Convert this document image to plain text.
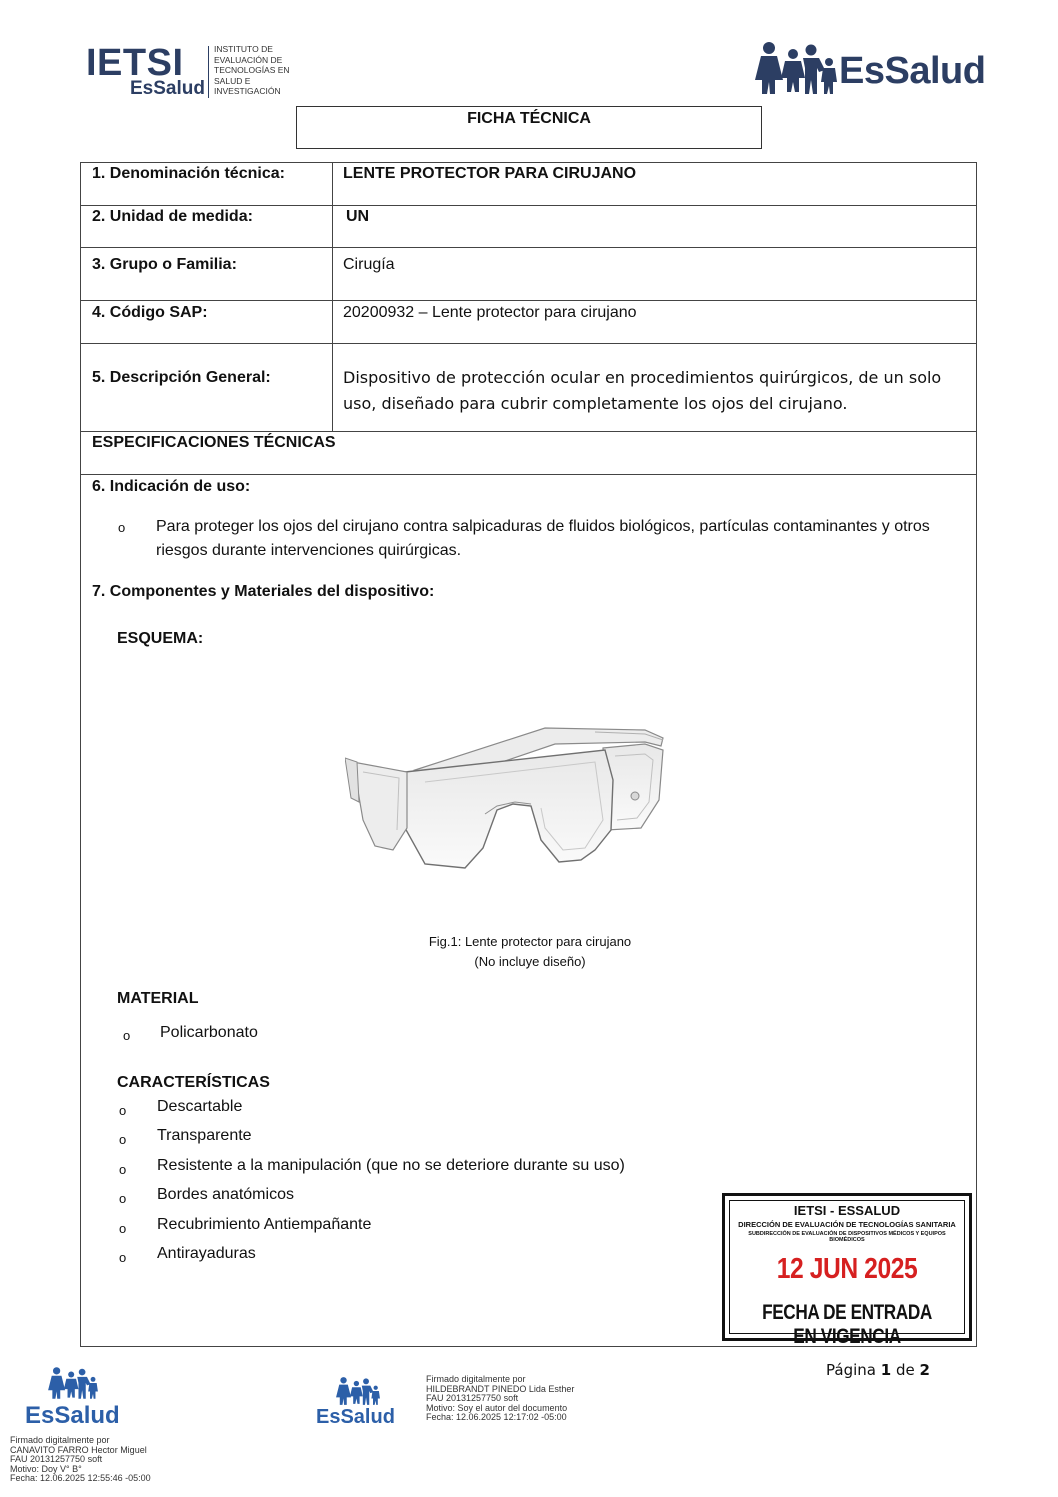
IETSI
EsSalud
INSTITUTO DE
EVALUACIÓN DE
TECNOLOGÍAS EN
SALUD E
INVESTIGACIÓN	EsSalud
FICHA TÉCNICA
1. Denominación técnica:	LENTE PROTECTOR PARA CIRUJANO
2. Unidad de medida:	UN
3. Grupo o Familia:	Cirugía
4. Código SAP:	20200932 – Lente protector para cirujano
5. Descripción General:	Dispositivo de protección ocular en procedimientos quirúrgicos, de un solo uso, diseñado para cubrir completamente los ojos del cirujano.
ESPECIFICACIONES TÉCNICAS
6. Indicación de uso:
o Para proteger los ojos del cirujano contra salpicaduras de fluidos biológicos, partículas contaminantes y otros riesgos durante intervenciones quirúrgicas.
7. Componentes y Materiales del dispositivo:
ESQUEMA:
Fig.1: Lente protector para cirujano
(No incluye diseño)
MATERIAL
o Policarbonato
CARACTERÍSTICAS
o Descartable
o Transparente
o Resistente a la manipulación (que no se deteriore durante su uso)
o Bordes anatómicos
o Recubrimiento Antiempañante
o Antirayaduras
IETSI - ESSALUD
DIRECCIÓN DE EVALUACIÓN DE TECNOLOGÍAS SANITARIA
SUBDIRECCIÓN DE EVALUACIÓN DE DISPOSITIVOS MÉDICOS Y EQUIPOS BIOMÉDICOS
12 JUN 2025
FECHA DE ENTRADA EN VIGENCIA
Página 1 de 2
EsSalud
Firmado digitalmente por
CANAVITO FARRO Hector Miguel
FAU 20131257750 soft
Motivo: Doy V° B°
Fecha: 12.06.2025 12:55:46 -05:00
EsSalud
Firmado digitalmente por
HILDEBRANDT PINEDO Lida Esther
FAU 20131257750 soft
Motivo: Soy el autor del documento
Fecha: 12.06.2025 12:17:02 -05:00
